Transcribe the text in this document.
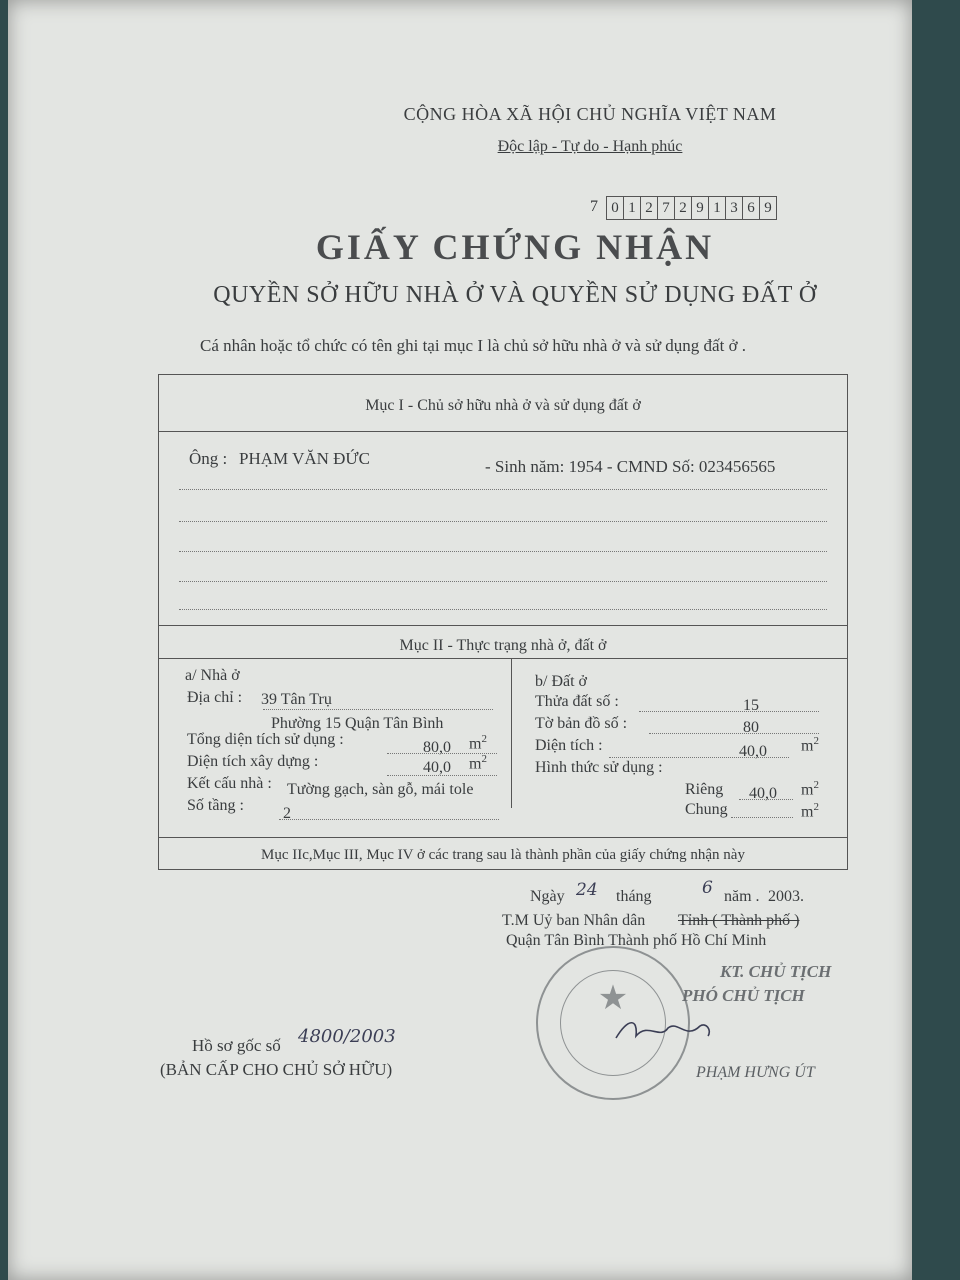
CỘNG HÒA XÃ HỘI CHỦ NGHĨA VIỆT NAM
Độc lập - Tự do - Hạnh phúc
7 0 1 2 7 2 9 1 3 6 9
GIẤY CHỨNG NHẬN
QUYỀN SỞ HỮU NHÀ Ở VÀ QUYỀN SỬ DỤNG ĐẤT Ở
Cá nhân hoặc tổ chức có tên ghi tại mục I là chủ sở hữu nhà ở và sử dụng đất ở .
Mục I - Chủ sở hữu nhà ở và sử dụng đất ở
Ông : PHẠM VĂN ĐỨC	- Sinh năm: 1954 - CMND Số: 023456565
Mục II - Thực trạng nhà ở, đất ở
a/ Nhà ở
Địa chỉ : 39 Tân Trụ
Phường 15 Quận Tân Bình
Tổng diện tích sử dụng :	80,0 $m^2$
Diện tích xây dựng :	40,0 $m^2$
Kết cấu nhà : Tường gạch, sàn gỗ, mái tole
Số tầng : 2
b/ Đất ở
Thửa đất số :	15
Tờ bản đồ số :	80
Diện tích :	40,0 $m^2$
Hình thức sử dụng :
Riêng 40,0 $m^2$
Chung	$m^2$
Mục IIc,Mục III, Mục IV ở các trang sau là thành phần của giấy chứng nhận này
Ngày 24 tháng	6 năm . 2003.
T.M Uỷ ban Nhân dân Tỉnh ( Thành phố )
Quận Tân Bình Thành phố Hồ Chí Minh
★
KT. CHỦ TỊCH
PHÓ CHỦ TỊCH
PHẠM HƯNG ÚT
Hồ sơ gốc số 4800/2003
(BẢN CẤP CHO CHỦ SỞ HỮU)
